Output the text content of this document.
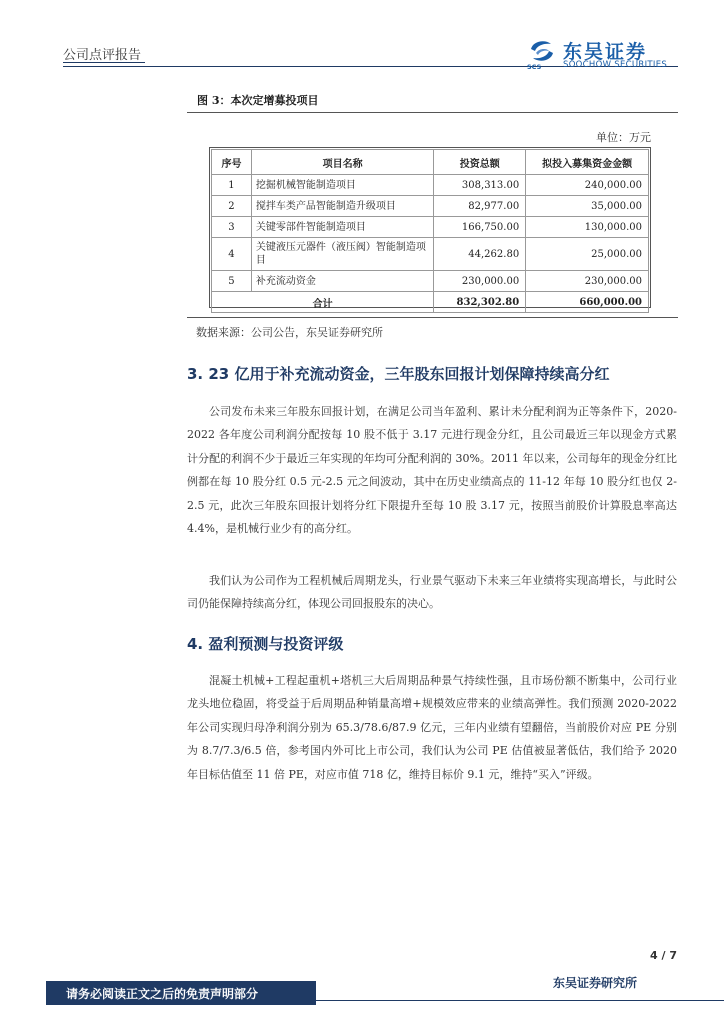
公司点评报告
SCS
东吴证券
SOOCHOW SECURITIES
图 3：本次定增募投项目
单位：万元
序号	项目名称	投资总额	拟投入募集资金金额
1	挖掘机械智能制造项目	308,313.00	240,000.00
2	搅拌车类产品智能制造升级项目	82,977.00	35,000.00
3	关键零部件智能制造项目	166,750.00	130,000.00
4	关键液压元器件（液压阀）智能制造项目	44,262.80	25,000.00
5	补充流动资金	230,000.00	230,000.00
合计		832,302.80	660,000.00
数据来源：公司公告，东吴证券研究所
3. 23 亿用于补充流动资金，三年股东回报计划保障持续高分红

公司发布未来三年股东回报计划，在满足公司当年盈利、累计未分配利润为正等条件下，2020-2022 各年度公司利润分配按每 10 股不低于 3.17 元进行现金分红，且公司最近三年以现金方式累计分配的利润不少于最近三年实现的年均可分配利润的 30%。2011 年以来，公司每年的现金分红比例都在每 10 股分红 0.5 元-2.5 元之间波动，其中在历史业绩高点的 11-12 年每 10 股分红也仅 2-2.5 元，此次三年股东回报计划将分红下限提升至每 10 股 3.17 元，按照当前股价计算股息率高达 4.4%，是机械行业少有的高分红。

我们认为公司作为工程机械后周期龙头，行业景气驱动下未来三年业绩将实现高增长，与此时公司仍能保障持续高分红，体现公司回报股东的决心。

4. 盈利预测与投资评级

混凝土机械+工程起重机+塔机三大后周期品种景气持续性强，且市场份额不断集中，公司行业龙头地位稳固，将受益于后周期品种销量高增+规模效应带来的业绩高弹性。我们预测 2020-2022 年公司实现归母净利润分别为 65.3/78.6/87.9 亿元，三年内业绩有望翻倍，当前股价对应 PE 分别为 8.7/7.3/6.5 倍，参考国内外可比上市公司，我们认为公司 PE 估值被显著低估，我们给予 2020 年目标估值至 11 倍 PE，对应市值 718 亿，维持目标价 9.1 元，维持“买入”评级。

4 / 7
请务必阅读正文之后的免责声明部分
东吴证券研究所
